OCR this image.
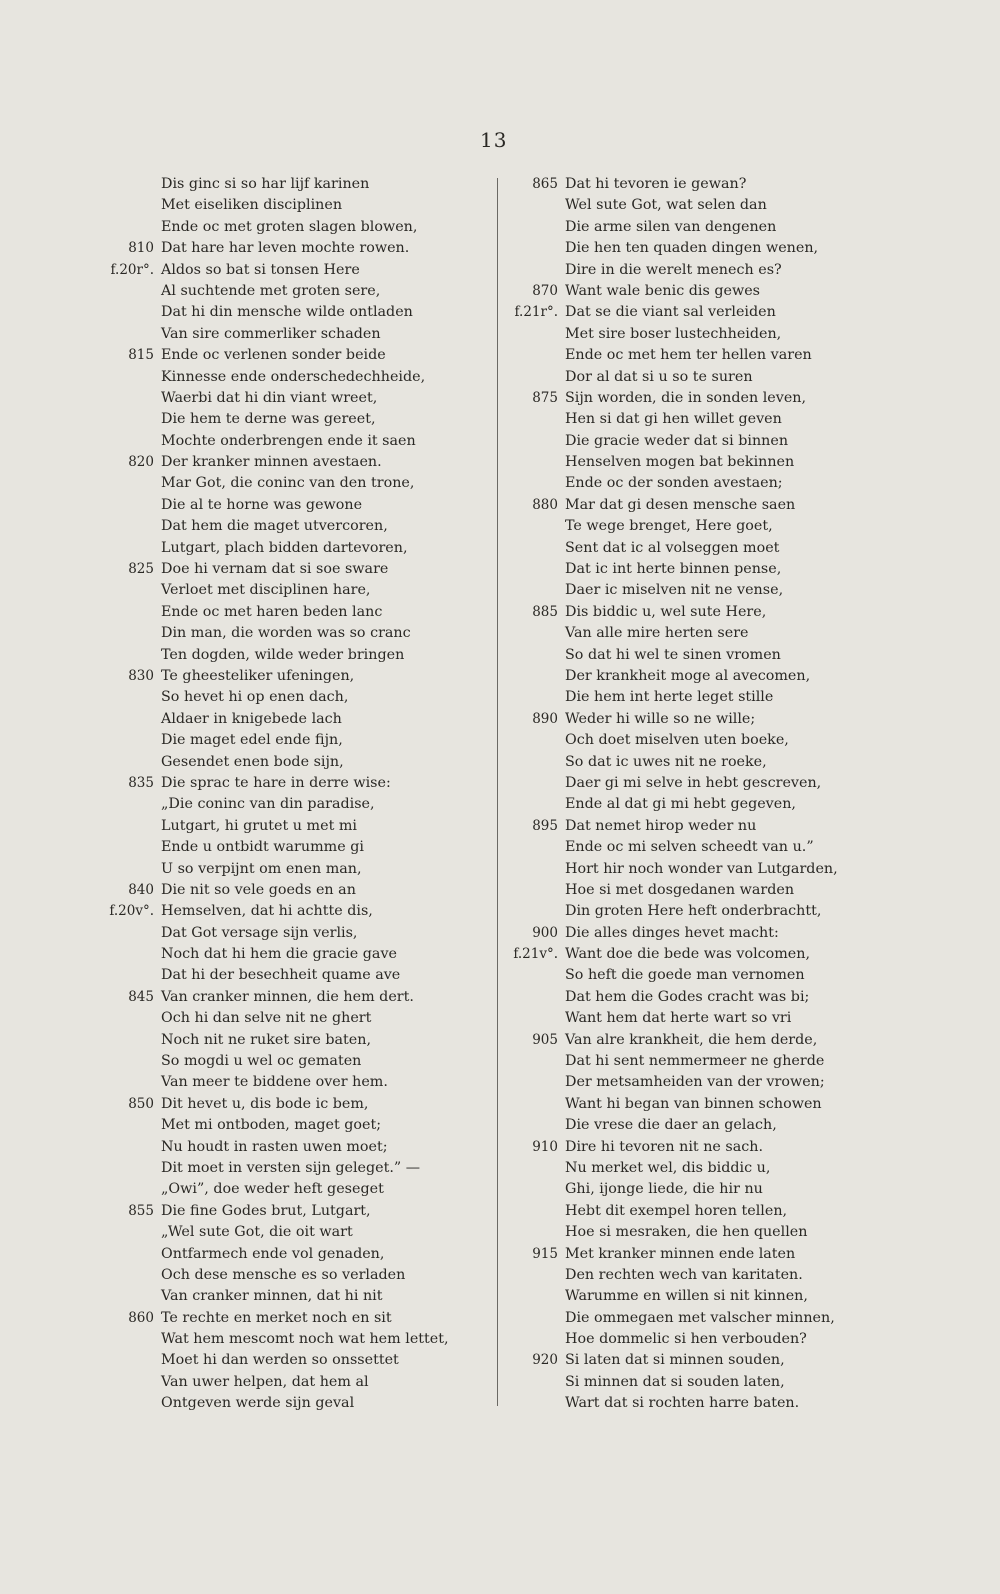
13
Dis ginc si so har lijf karinen
Met eiseliken disciplinen
Ende oc met groten slagen blowen,
810 Dat hare har leven mochte rowen.
f.20r°. Aldos so bat si tonsen Here
Al suchtende met groten sere,
Dat hi din mensche wilde ontladen
Van sire commerliker schaden
815 Ende oc verlenen sonder beide
Kinnesse ende onderschedechheide,
Waerbi dat hi din viant wreet,
Die hem te derne was gereet,
Mochte onderbrengen ende it saen
820 Der kranker minnen avestaen.
Mar Got, die coninc van den trone,
Die al te horne was gewone
Dat hem die maget utvercoren,
Lutgart, plach bidden dartevoren,
825 Doe hi vernam dat si soe sware
Verloet met disciplinen hare,
Ende oc met haren beden lanc
Din man, die worden was so cranc
Ten dogden, wilde weder bringen
830 Te gheesteliker ufeningen,
So hevet hi op enen dach,
Aldaer in knigebede lach
Die maget edel ende fijn,
Gesendet enen bode sijn,
835 Die sprac te hare in derre wise:
„Die coninc van din paradise,
Lutgart, hi grutet u met mi
Ende u ontbidt warumme gi
U so verpijnt om enen man,
840 Die nit so vele goeds en an
f.20v°. Hemselven, dat hi achtte dis,
Dat Got versage sijn verlis,
Noch dat hi hem die gracie gave
Dat hi der besechheit quame ave
845 Van cranker minnen, die hem dert.
Och hi dan selve nit ne ghert
Noch nit ne ruket sire baten,
So mogdi u wel oc gematen
Van meer te biddene over hem.
850 Dit hevet u, dis bode ic bem,
Met mi ontboden, maget goet;
Nu houdt in rasten uwen moet;
Dit moet in versten sijn geleget.” —
„Owi”, doe weder heft geseget
855 Die fine Godes brut, Lutgart,
„Wel sute Got, die oit wart
Ontfarmech ende vol genaden,
Och dese mensche es so verladen
Van cranker minnen, dat hi nit
860 Te rechte en merket noch en sit
Wat hem mescomt noch wat hem lettet,
Moet hi dan werden so onssettet
Van uwer helpen, dat hem al
Ontgeven werde sijn geval
865 Dat hi tevoren ie gewan?
Wel sute Got, wat selen dan
Die arme silen van dengenen
Die hen ten quaden dingen wenen,
Dire in die werelt menech es?
870 Want wale benic dis gewes
f.21r°. Dat se die viant sal verleiden
Met sire boser lustechheiden,
Ende oc met hem ter hellen varen
Dor al dat si u so te suren
875 Sijn worden, die in sonden leven,
Hen si dat gi hen willet geven
Die gracie weder dat si binnen
Henselven mogen bat bekinnen
Ende oc der sonden avestaen;
880 Mar dat gi desen mensche saen
Te wege brenget, Here goet,
Sent dat ic al volseggen moet
Dat ic int herte binnen pense,
Daer ic miselven nit ne vense,
885 Dis biddic u, wel sute Here,
Van alle mire herten sere
So dat hi wel te sinen vromen
Der krankheit moge al avecomen,
Die hem int herte leget stille
890 Weder hi wille so ne wille;
Och doet miselven uten boeke,
So dat ic uwes nit ne roeke,
Daer gi mi selve in hebt gescreven,
Ende al dat gi mi hebt gegeven,
895 Dat nemet hirop weder nu
Ende oc mi selven scheedt van u.”
Hort hir noch wonder van Lutgarden,
Hoe si met dosgedanen warden
Din groten Here heft onderbrachtt,
900 Die alles dinges hevet macht:
f.21v°. Want doe die bede was volcomen,
So heft die goede man vernomen
Dat hem die Godes cracht was bi;
Want hem dat herte wart so vri
905 Van alre krankheit, die hem derde,
Dat hi sent nemmermeer ne gherde
Der metsamheiden van der vrowen;
Want hi began van binnen schowen
Die vrese die daer an gelach,
910 Dire hi tevoren nit ne sach.
Nu merket wel, dis biddic u,
Ghi, ijonge liede, die hir nu
Hebt dit exempel horen tellen,
Hoe si mesraken, die hen quellen
915 Met kranker minnen ende laten
Den rechten wech van karitaten.
Warumme en willen si nit kinnen,
Die ommegaen met valscher minnen,
Hoe dommelic si hen verbouden?
920 Si laten dat si minnen souden,
Si minnen dat si souden laten,
Wart dat si rochten harre baten.
